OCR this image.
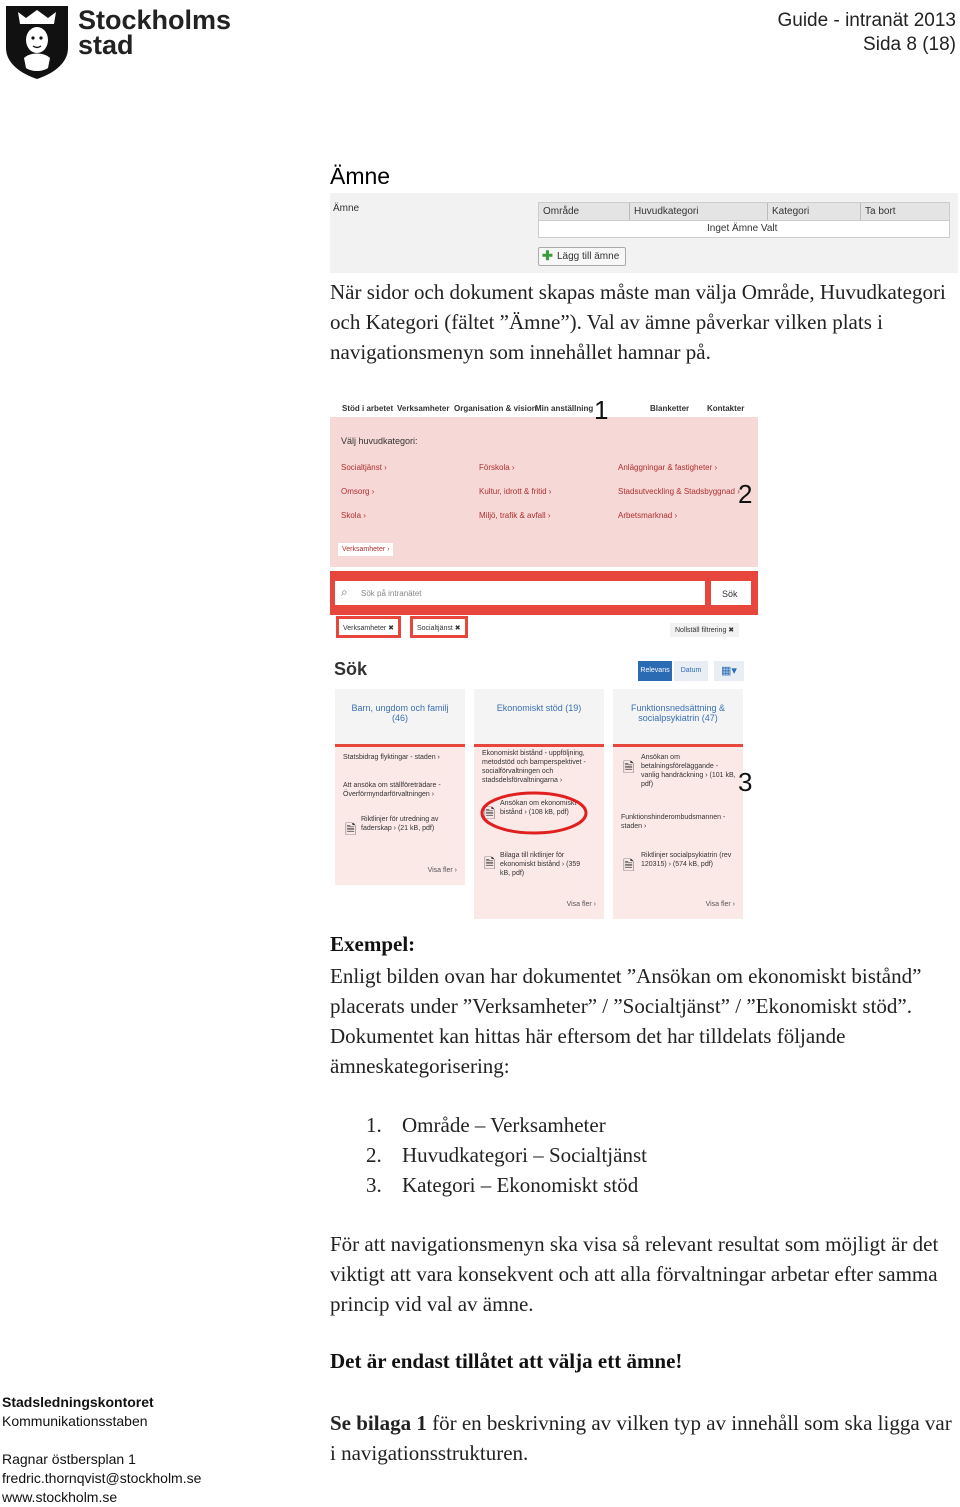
Stockholms
stad
Guide - intranät 2013
Sida 8 (18)
Ämne
Ämne	Område	Huvudkategori	Kategori	Ta bort
Inget Ämne Valt
✚ Lägg till ämne
När sidor och dokument skapas måste man välja Område, Huvudkategori och Kategori (fältet ”Ämne”). Val av ämne påverkar vilken plats i navigationsmenyn som innehållet hamnar på.
Stöd i arbetet Verksamheter Organisation & vision
Min anställning	Blanketter Kontakter
Välj huvudkategori:
Socialtjänst ›	Förskola ›	Anläggningar & fastigheter ›
Omsorg ›	Kultur, idrott & fritid ›	Stadsutveckling & Stadsbyggnad ›
Skola ›	Miljö, trafik & avfall ›	Arbetsmarknad ›
Verksamheter ›
⌕ Sök på intranätet	Sök
Verksamheter ✖	Socialtjänst ✖	Nollställ filtrering ✖
Sök	Relevans	Datum	▦▾
Barn, ungdom och familj (46)
Statsbidrag flyktingar - staden ›
Att ansöka om ställföreträdare - Överförmyndarförvaltningen ›
Riktlinjer för utredning av faderskap › (21 kB, pdf)
🗎
Visa fler ›
Ekonomiskt stöd (19)
Ekonomiskt bistånd - uppföljning, metodstöd och barnperspektivet - socialförvaltningen och stadsdelsförvaltningarna ›
Ansökan om ekonomiskt bistånd › (108 kB, pdf)
🗎
Bilaga till riktlinjer för ekonomiskt bistånd › (359 kB, pdf)
🗎
Visa fler ›
Funktionsnedsättning & socialpsykiatrin (47)
Ansökan om betalningsföreläggande - vanlig handräckning › (101 kB, pdf)
🗎
Funktionshinderombudsmannen - staden ›
Riktlinjer socialpsykiatrin (rev 120315) › (574 kB, pdf)
🗎
Visa fler ›
1
2
3
Exempel:
Enligt bilden ovan har dokumentet ”Ansökan om ekonomiskt bistånd” placerats under ”Verksamheter” / ”Socialtjänst” / ”Ekonomiskt stöd”. Dokumentet kan hittas här eftersom det har tilldelats följande ämneskategorisering:
1. Område – Verksamheter
2. Huvudkategori – Socialtjänst
3. Kategori – Ekonomiskt stöd
För att navigationsmenyn ska visa så relevant resultat som möjligt är det viktigt att vara konsekvent och att alla förvaltningar arbetar efter samma princip vid val av ämne.
Det är endast tillåtet att välja ett ämne!
Se bilaga 1 för en beskrivning av vilken typ av innehåll som ska ligga var i navigationsstrukturen.
Stadsledningskontoret
Kommunikationsstaben
Ragnar östbersplan 1
fredric.thornqvist@stockholm.se
www.stockholm.se
